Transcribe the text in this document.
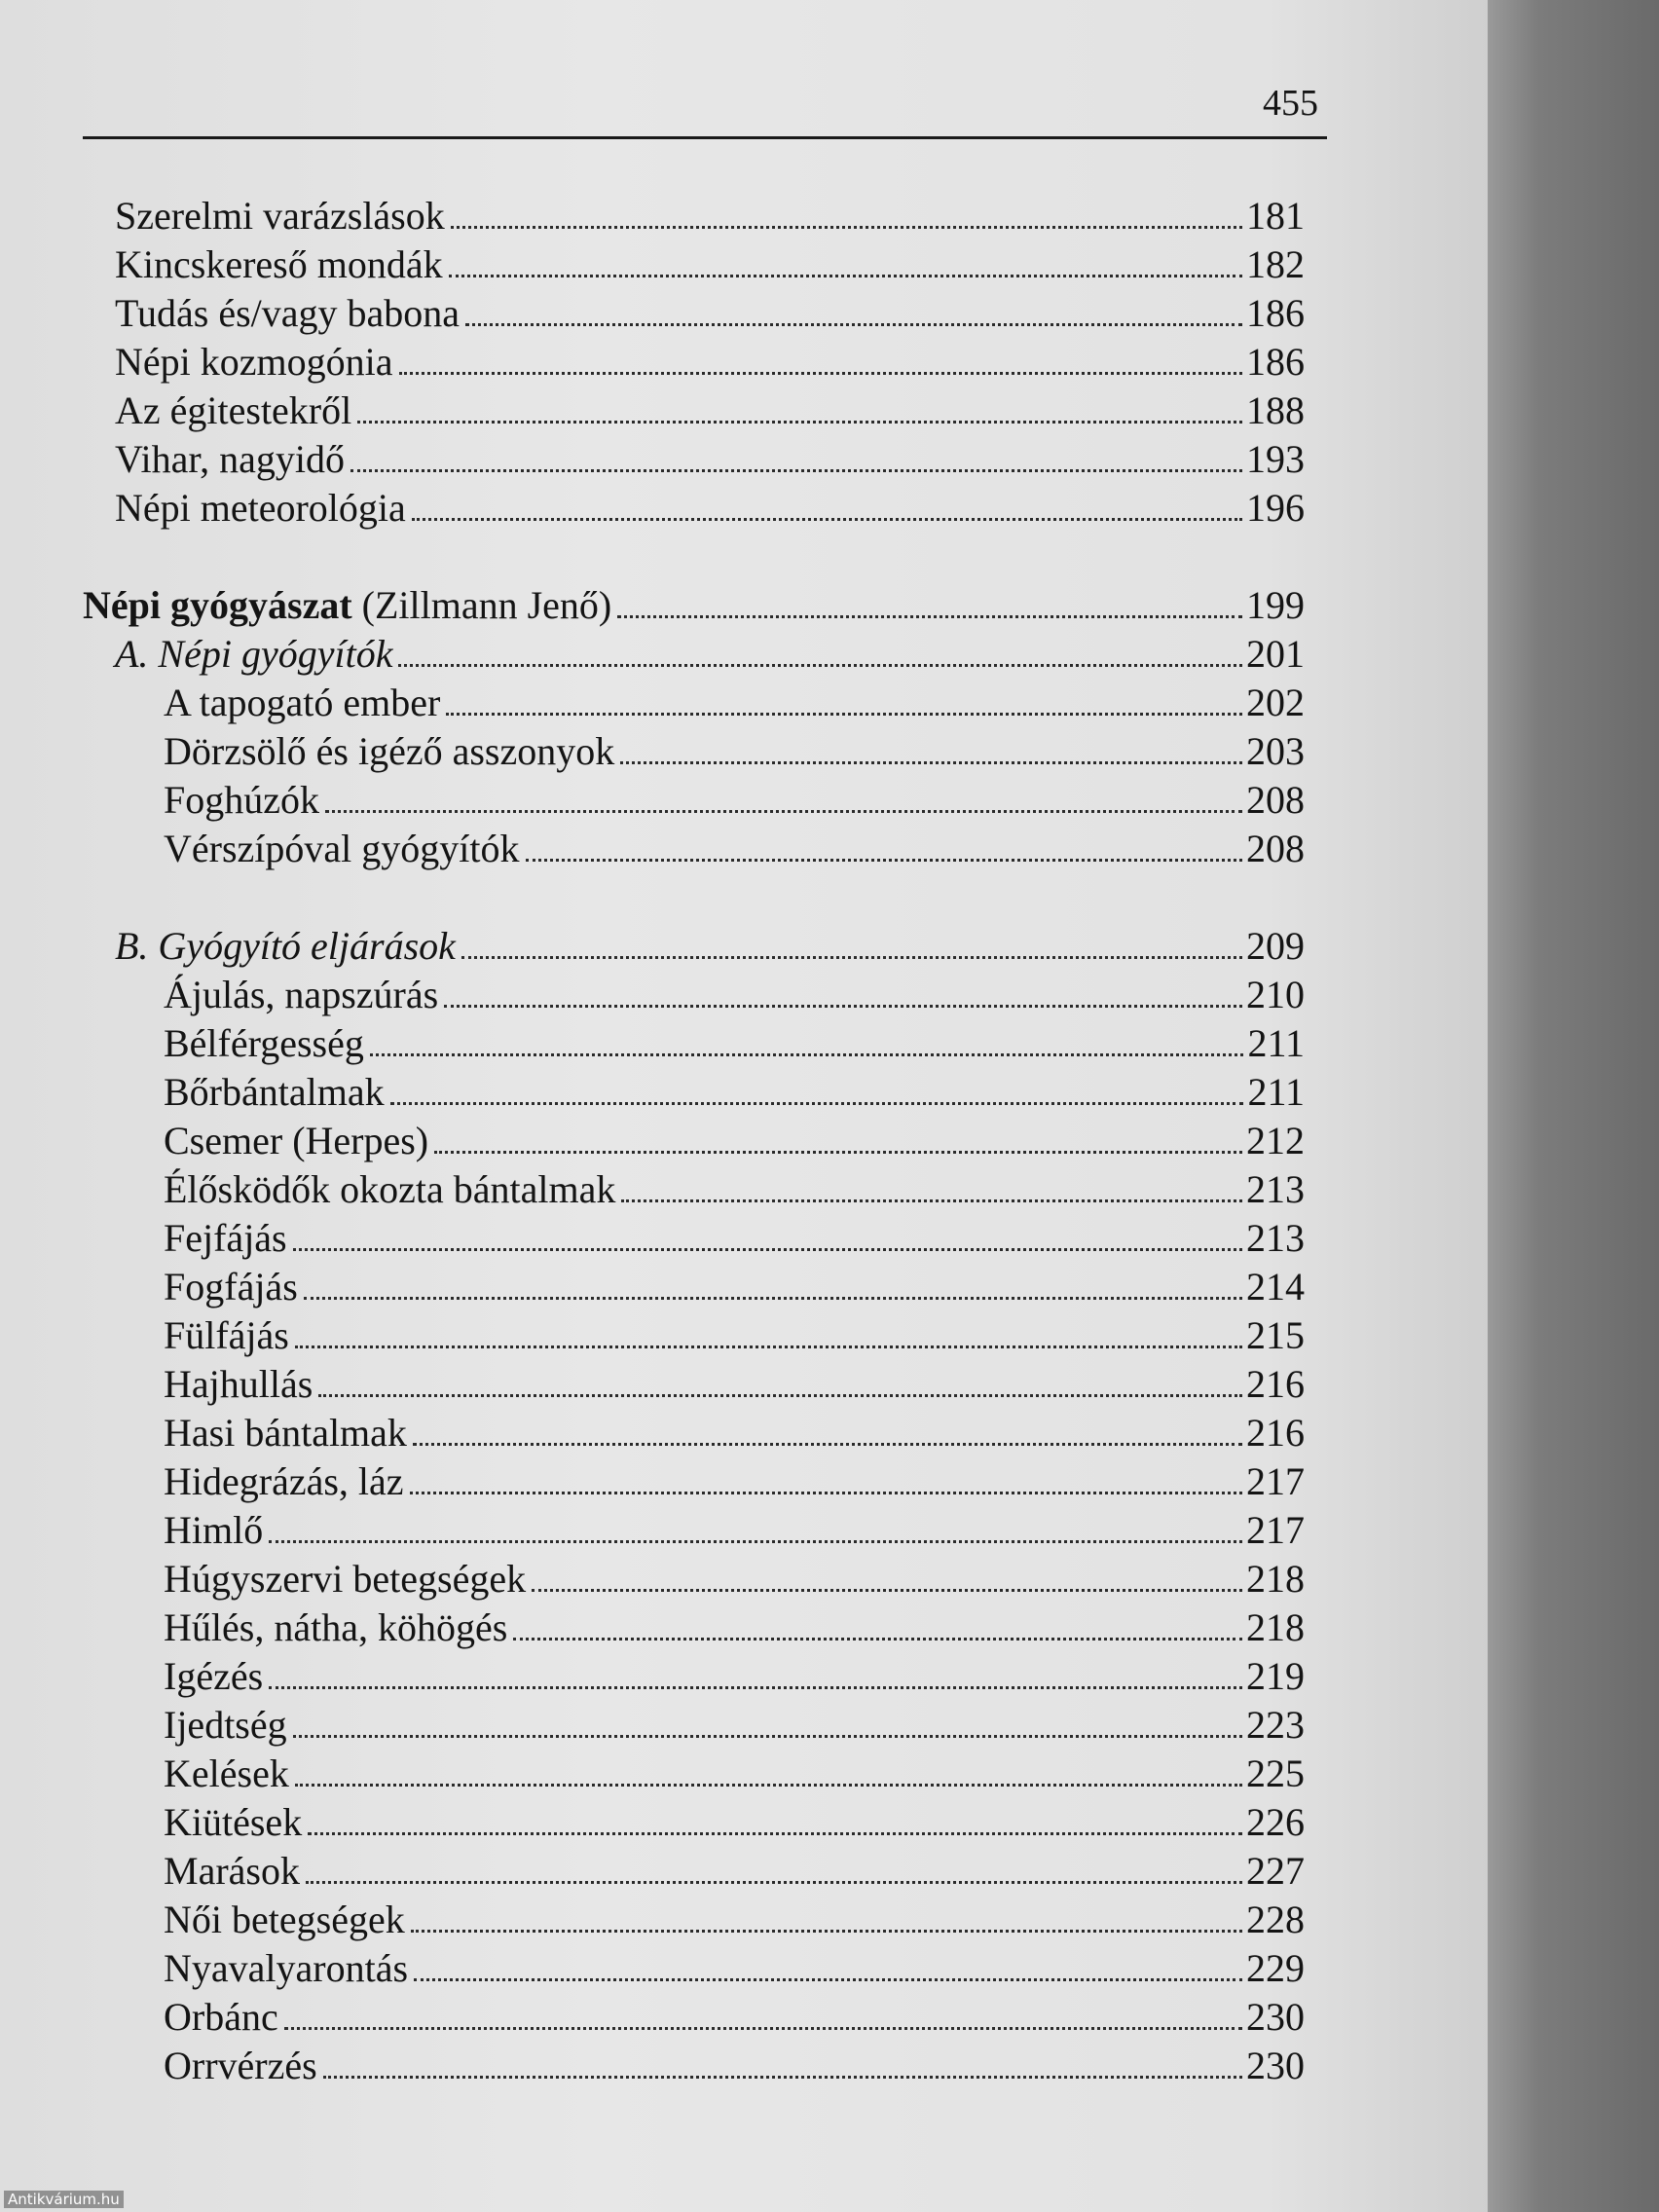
455
Szerelmi varázslások	181
Kincskereső mondák	182
Tudás és/vagy babona	186
Népi kozmogónia	186
Az égitestekről	188
Vihar, nagyidő	193
Népi meteorológia	196
Népi gyógyászat (Zillmann Jenő)	199
A. Népi gyógyítók	201
A tapogató ember	202
Dörzsölő és igéző asszonyok	203
Foghúzók	208
Vérszípóval gyógyítók	208
B. Gyógyító eljárások	209
Ájulás, napszúrás	210
Bélférgesség	211
Bőrbántalmak	211
Csemer (Herpes)	212
Élősködők okozta bántalmak	213
Fejfájás	213
Fogfájás	214
Fülfájás	215
Hajhullás	216
Hasi bántalmak	216
Hidegrázás, láz	217
Himlő	217
Húgyszervi betegségek	218
Hűlés, nátha, köhögés	218
Igézés	219
Ijedtség	223
Kelések	225
Kiütések	226
Marások	227
Női betegségek	228
Nyavalyarontás	229
Orbánc	230
Orrvérzés	230
Antikvárium.hu
